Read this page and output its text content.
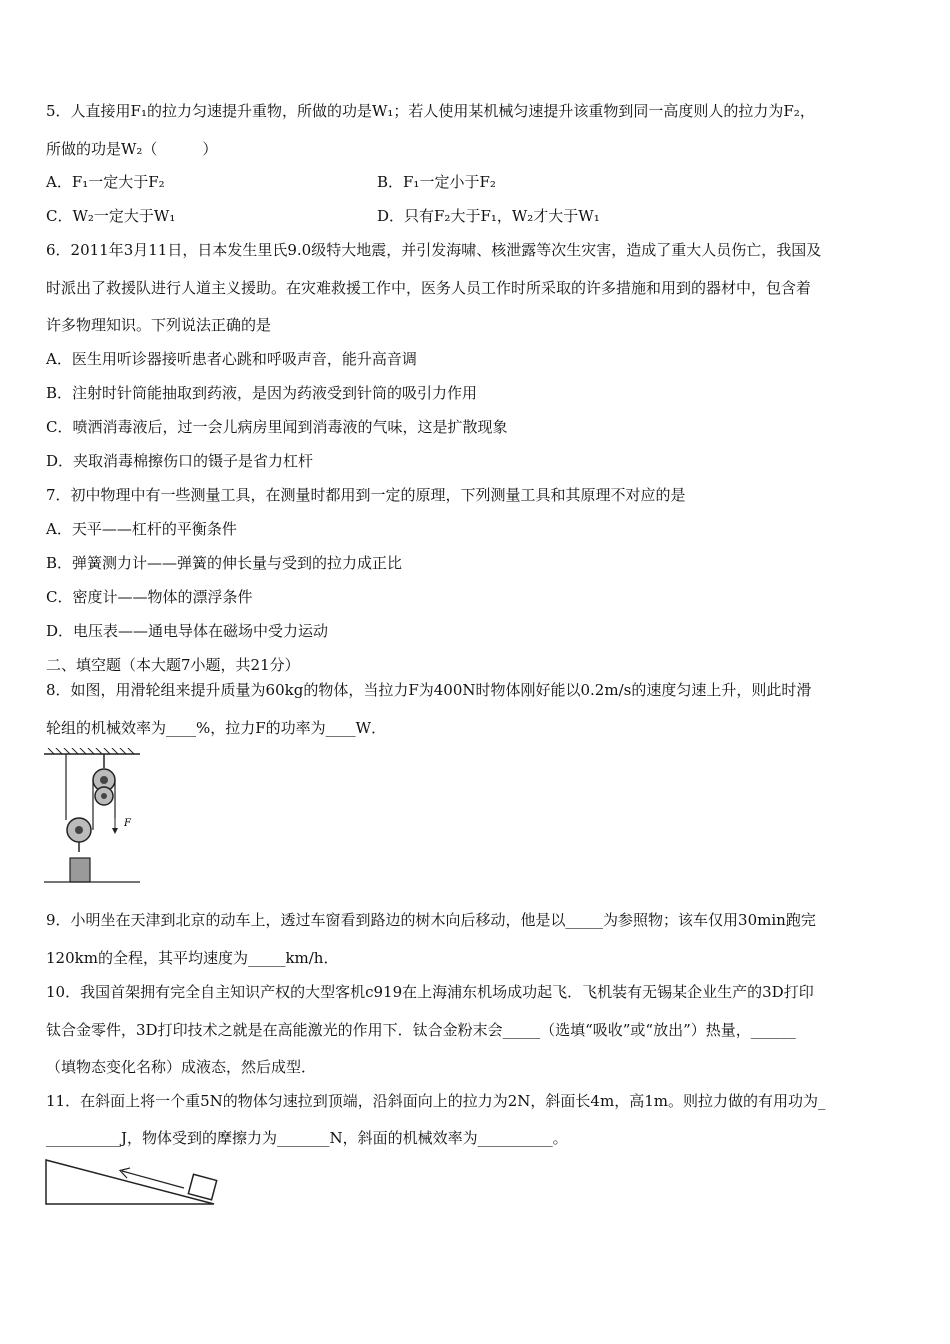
5．人直接用F₁的拉力匀速提升重物，所做的功是W₁；若人使用某机械匀速提升该重物到同一高度则人的拉力为F₂，
所做的功是W₂（　　　）
A．F₁一定大于F₂	B．F₁一定小于F₂
C．W₂一定大于W₁	D．只有F₂大于F₁，W₂才大于W₁
6．2011年3月11日，日本发生里氏9.0级特大地震，并引发海啸、核泄露等次生灾害，造成了重大人员伤亡，我国及
时派出了救援队进行人道主义援助。在灾难救援工作中，医务人员工作时所采取的许多措施和用到的器材中，包含着
许多物理知识。下列说法正确的是
A．医生用听诊器接听患者心跳和呼吸声音，能升高音调
B．注射时针筒能抽取到药液，是因为药液受到针筒的吸引力作用
C．喷洒消毒液后，过一会儿病房里闻到消毒液的气味，这是扩散现象
D．夹取消毒棉擦伤口的镊子是省力杠杆
7．初中物理中有一些测量工具，在测量时都用到一定的原理，下列测量工具和其原理不对应的是
A．天平——杠杆的平衡条件
B．弹簧测力计——弹簧的伸长量与受到的拉力成正比
C．密度计——物体的漂浮条件
D．电压表——通电导体在磁场中受力运动
二、填空题（本大题7小题，共21分）
8．如图，用滑轮组来提升质量为60kg的物体，当拉力F为400N时物体刚好能以0.2m/s的速度匀速上升，则此时滑
轮组的机械效率为____%，拉力F的功率为____W．
F
9．小明坐在天津到北京的动车上，透过车窗看到路边的树木向后移动，他是以_____为参照物；该车仅用30min跑完
120km的全程，其平均速度为_____km/h．
10．我国首架拥有完全自主知识产权的大型客机c919在上海浦东机场成功起飞．飞机装有无锡某企业生产的3D打印
钛合金零件，3D打印技术之就是在高能激光的作用下．钛合金粉末会_____（选填“吸收”或“放出”）热量，______
（填物态变化名称）成液态，然后成型．
11．在斜面上将一个重5N的物体匀速拉到顶端，沿斜面向上的拉力为2N，斜面长4m，高1m。则拉力做的有用功为_
__________J，物体受到的摩擦力为_______N，斜面的机械效率为__________。
